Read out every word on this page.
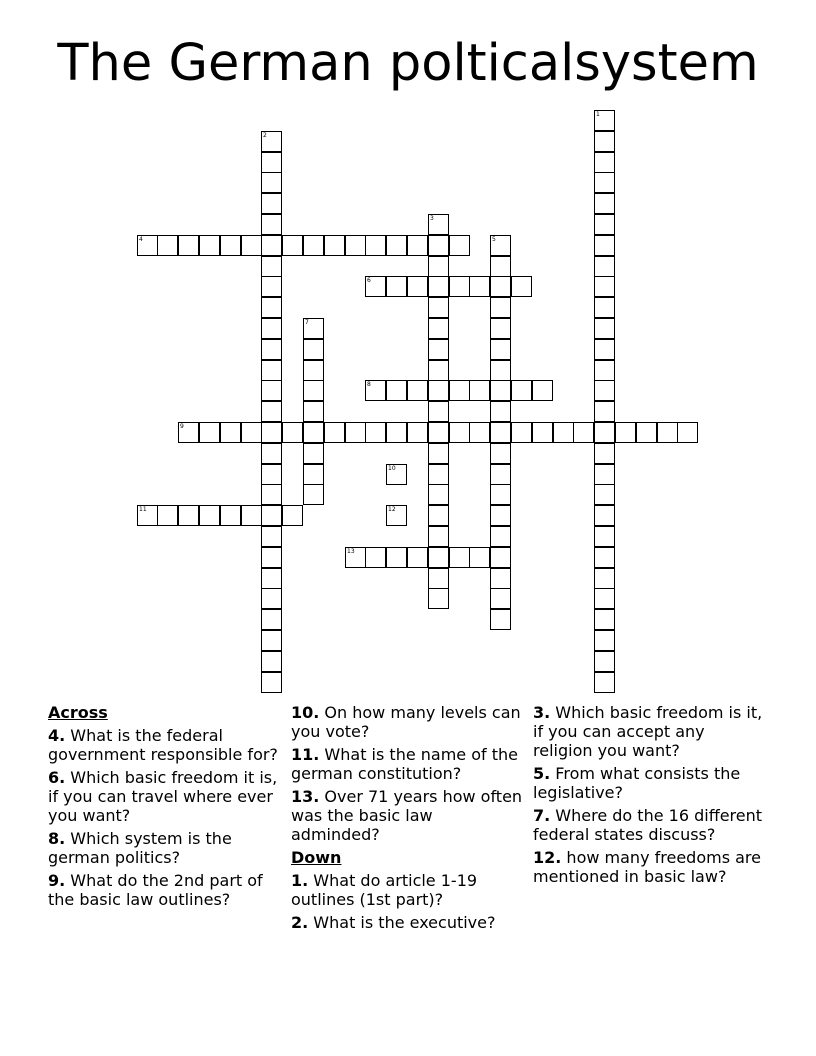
The German polticalsystem
1
2
3
4	5
6
7
8
9
10
11	12
13
Across
4. What is the federal government responsible for?
6. Which basic freedom it is, if you can travel where ever you want?
8. Which system is the german politics?
9. What do the 2nd part of the basic law outlines?
10. On how many levels can you vote?
11. What is the name of the german constitution?
13. Over 71 years how often was the basic law adminded?
Down
1. What do article 1-19 outlines (1st part)?
2. What is the executive?
3. Which basic freedom is it, if you can accept any religion you want?
5. From what consists the legislative?
7. Where do the 16 different federal states discuss?
12. how many freedoms are mentioned in basic law?
